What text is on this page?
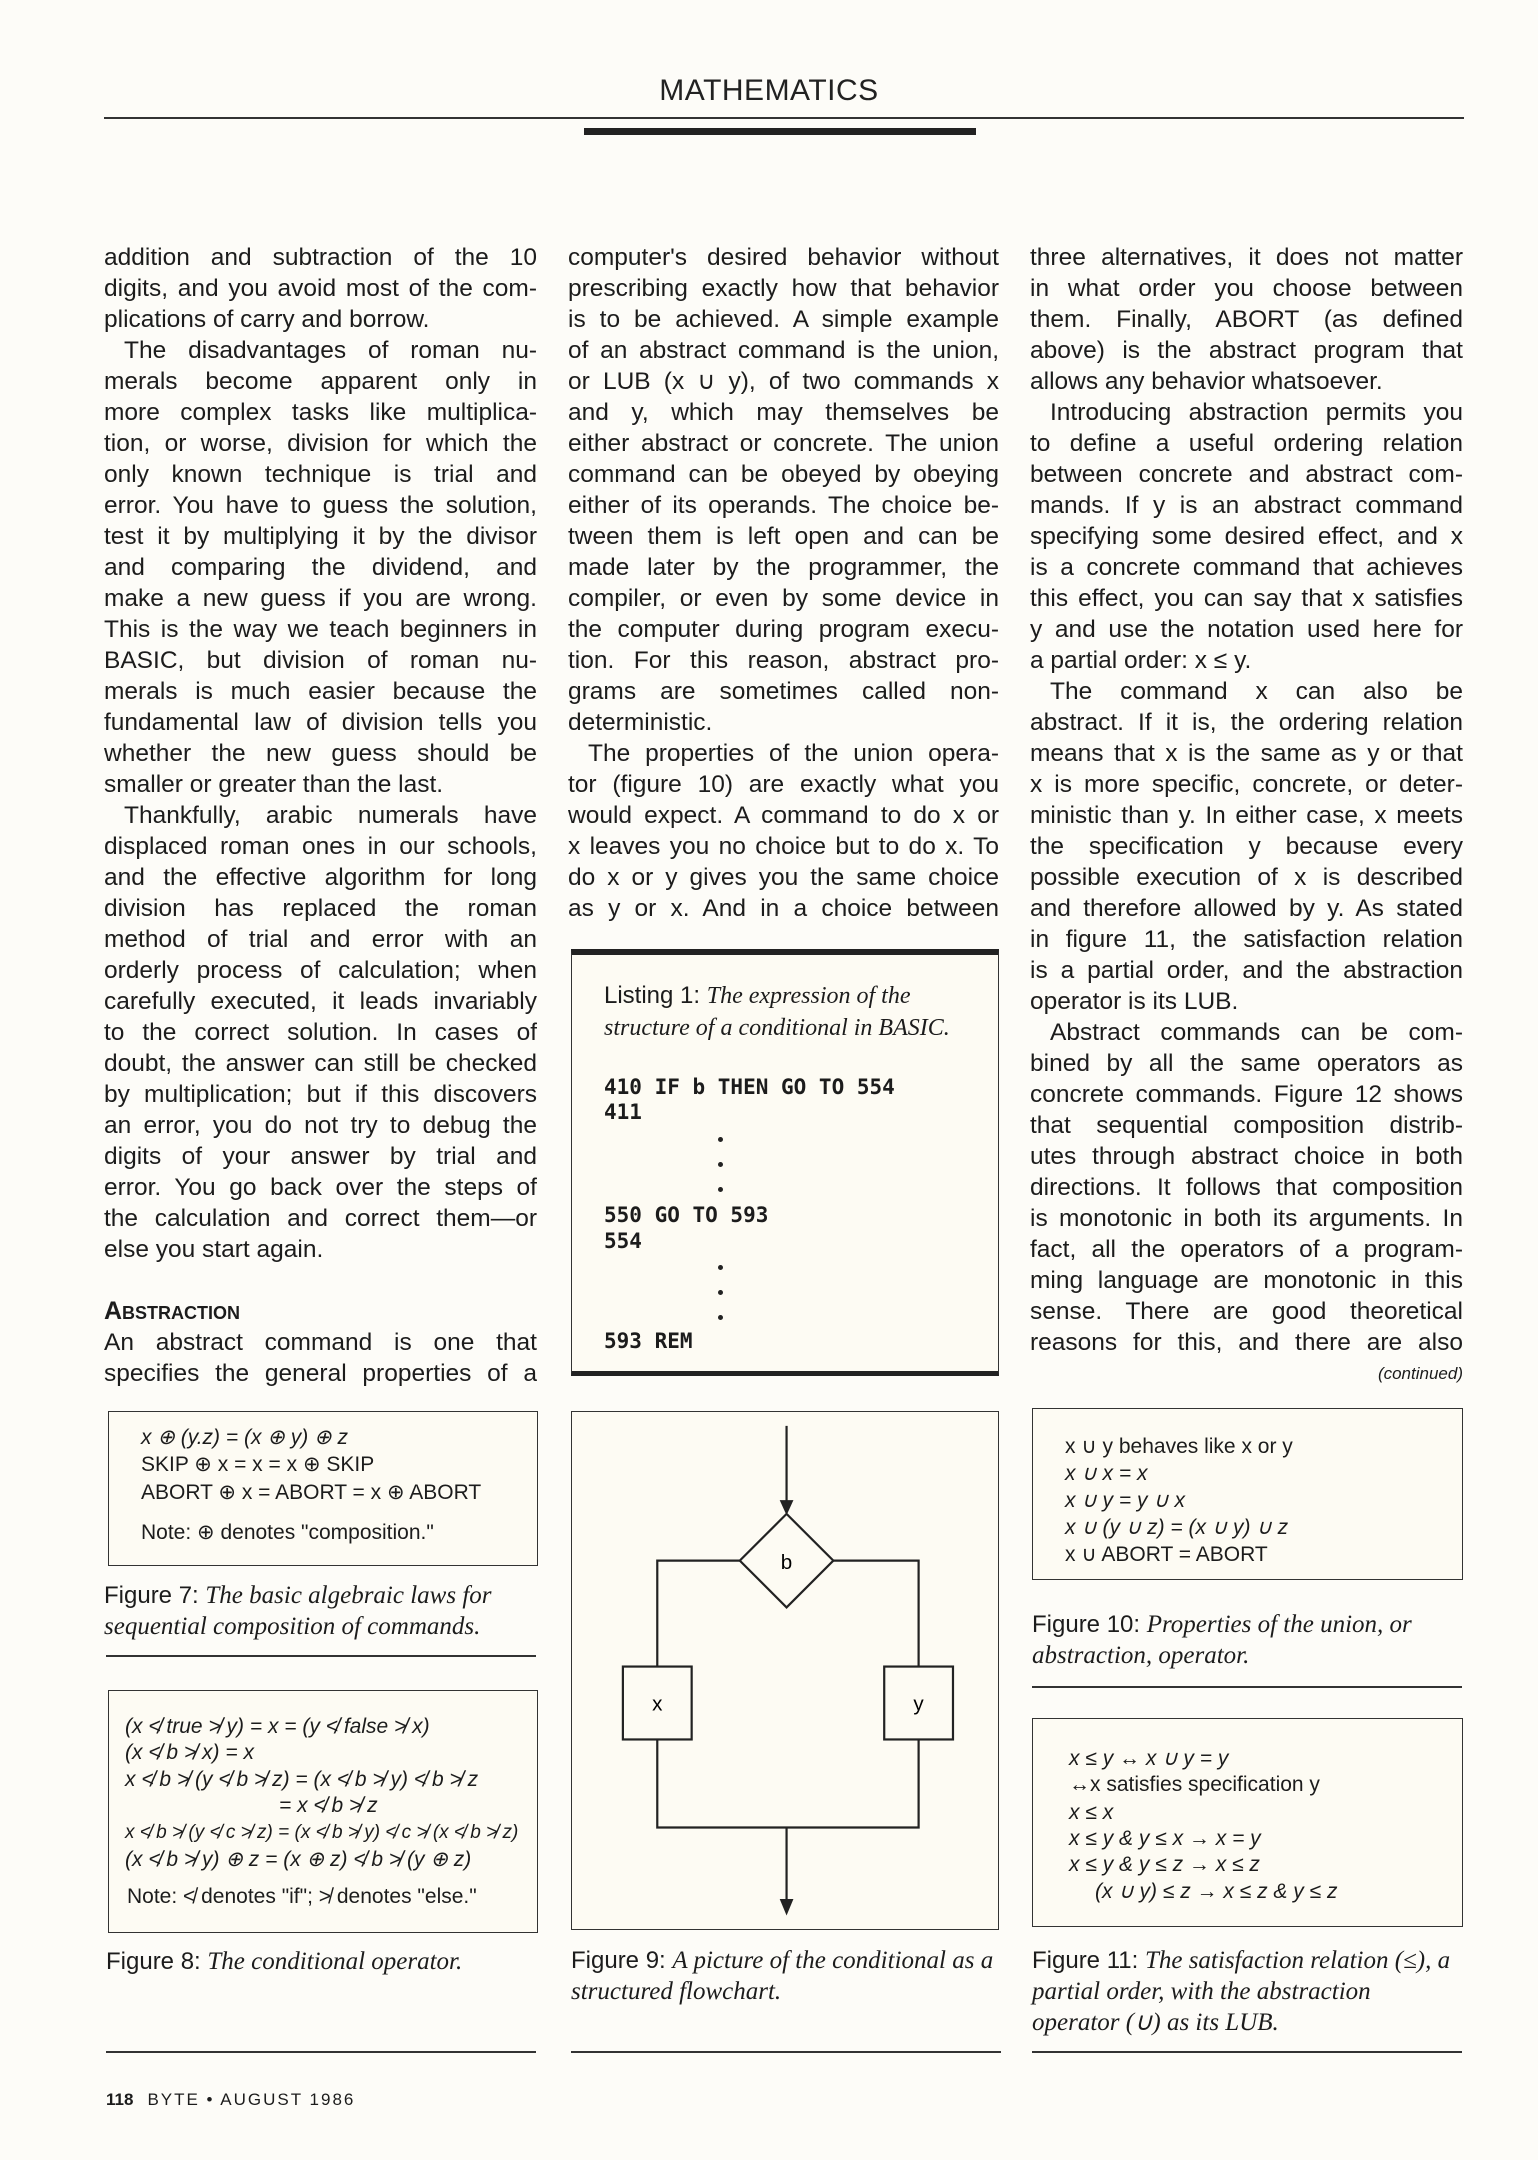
MATHEMATICS
addition and subtraction of the 10
digits, and you avoid most of the com-
plications of carry and borrow.
The disadvantages of roman nu-
merals become apparent only in
more complex tasks like multiplica-
tion, or worse, division for which the
only known technique is trial and
error. You have to guess the solution,
test it by multiplying it by the divisor
and comparing the dividend, and
make a new guess if you are wrong.
This is the way we teach beginners in
BASIC, but division of roman nu-
merals is much easier because the
fundamental law of division tells you
whether the new guess should be
smaller or greater than the last.
Thankfully, arabic numerals have
displaced roman ones in our schools,
and the effective algorithm for long
division has replaced the roman
method of trial and error with an
orderly process of calculation; when
carefully executed, it leads invariably
to the correct solution. In cases of
doubt, the answer can still be checked
by multiplication; but if this discovers
an error, you do not try to debug the
digits of your answer by trial and
error. You go back over the steps of
the calculation and correct them—or
else you start again.
Abstraction
An abstract command is one that
specifies the general properties of a
computer's desired behavior without
prescribing exactly how that behavior
is to be achieved. A simple example
of an abstract command is the union,
or LUB (x ∪ y), of two commands x
and y, which may themselves be
either abstract or concrete. The union
command can be obeyed by obeying
either of its operands. The choice be-
tween them is left open and can be
made later by the programmer, the
compiler, or even by some device in
the computer during program execu-
tion. For this reason, abstract pro-
grams are sometimes called non-
deterministic.
The properties of the union opera-
tor (figure 10) are exactly what you
would expect. A command to do x or
x leaves you no choice but to do x. To
do x or y gives you the same choice
as y or x. And in a choice between
three alternatives, it does not matter
in what order you choose between
them. Finally, ABORT (as defined
above) is the abstract program that
allows any behavior whatsoever.
Introducing abstraction permits you
to define a useful ordering relation
between concrete and abstract com-
mands. If y is an abstract command
specifying some desired effect, and x
is a concrete command that achieves
this effect, you can say that x satisfies
y and use the notation used here for
a partial order: x ≤ y.
The command x can also be
abstract. If it is, the ordering relation
means that x is the same as y or that
x is more specific, concrete, or deter-
ministic than y. In either case, x meets
the specification y because every
possible execution of x is described
and therefore allowed by y. As stated
in figure 11, the satisfaction relation
is a partial order, and the abstraction
operator is its LUB.
Abstract commands can be com-
bined by all the same operators as
concrete commands. Figure 12 shows
that sequential composition distrib-
utes through abstract choice in both
directions. It follows that composition
is monotonic in both its arguments. In
fact, all the operators of a program-
ming language are monotonic in this
sense. There are good theoretical
reasons for this, and there are also
(continued)
Listing 1: The expression of the structure of a conditional in BASIC.
410 IF b THEN GO TO 554
411
550 GO TO 593
554
593 REM
x ⊕ (y.z) = (x ⊕ y) ⊕ z
SKIP ⊕ x = x = x ⊕ SKIP
ABORT ⊕ x = ABORT = x ⊕ ABORT
Note: ⊕ denotes "composition."
Figure 7: The basic algebraic laws for sequential composition of commands.
(x ≮ true ≯ y) = x = (y ≮ false ≯ x)
(x ≮ b ≯ x) = x
x ≮ b ≯ (y ≮ b ≯ z) = (x ≮ b ≯ y) ≮ b ≯ z
= x ≮ b ≯ z
x ≮ b ≯ (y ≮ c ≯ z) = (x ≮ b ≯ y) ≮ c ≯ (x ≮ b ≯ z)
(x ≮ b ≯ y) ⊕ z = (x ⊕ z) ≮ b ≯ (y ⊕ z)
Note: ≮ denotes "if"; ≯ denotes "else."
Figure 8: The conditional operator.
b
x	y
Figure 9: A picture of the conditional as a structured flowchart.
x ∪ y behaves like x or y
x ∪ x = x
x ∪ y = y ∪ x
x ∪ (y ∪ z) = (x ∪ y) ∪ z
x ∪ ABORT = ABORT
Figure 10: Properties of the union, or abstraction, operator.
x ≤ y ↔ x ∪ y = y
↔x satisfies specification y
x ≤ x
x ≤ y & y ≤ x → x = y
x ≤ y & y ≤ z → x ≤ z
(x ∪ y) ≤ z → x ≤ z & y ≤ z
Figure 11: The satisfaction relation (≤), a partial order, with the abstraction operator (∪) as its LUB.
118 BYTE • AUGUST 1986
